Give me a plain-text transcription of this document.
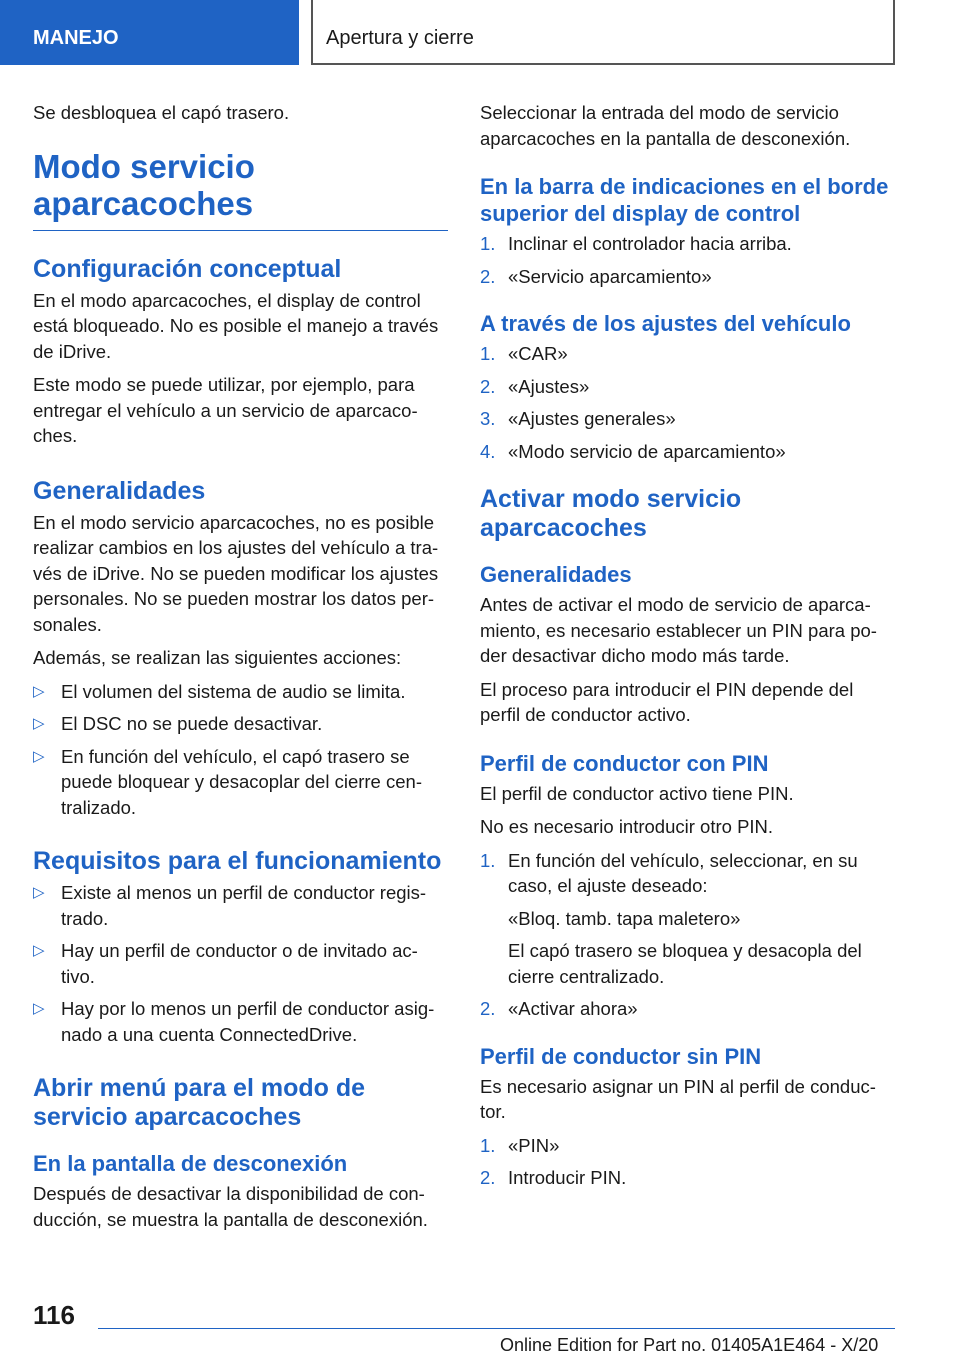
MANEJO	Apertura y cierre

Se desbloquea el capó trasero.

Modo servicio aparcacoches
Configuración conceptual

En el modo aparcacoches, el display de control está bloqueado. No es posible el manejo a través de iDrive.

Este modo se puede utilizar, por ejemplo, para entregar el vehículo a un servicio de aparcaco-ches.

Generalidades

En el modo servicio aparcacoches, no es posible realizar cambios en los ajustes del vehículo a tra-vés de iDrive. No se pueden modificar los ajustes personales. No se pueden mostrar los datos per-sonales.

Además, se realizan las siguientes acciones:

▷ El volumen del sistema de audio se limita.
▷ El DSC no se puede desactivar.
▷ En función del vehículo, el capó trasero se puede bloquear y desacoplar del cierre cen-tralizado.
Requisitos para el funcionamiento
▷ Existe al menos un perfil de conductor regis-trado.
▷ Hay un perfil de conductor o de invitado ac-tivo.
▷ Hay por lo menos un perfil de conductor asig-nado a una cuenta ConnectedDrive.
Abrir menú para el modo de servicio aparcacoches
En la pantalla de desconexión

Después de desactivar la disponibilidad de con-ducción, se muestra la pantalla de desconexión.

Seleccionar la entrada del modo de servicio aparcacoches en la pantalla de desconexión.

En la barra de indicaciones en el borde superior del display de control
1. Inclinar el controlador hacia arriba.
2. «Servicio aparcamiento»
A través de los ajustes del vehículo
1. «CAR»
2. «Ajustes»
3. «Ajustes generales»
4. «Modo servicio de aparcamiento»
Activar modo servicio aparcacoches
Generalidades

Antes de activar el modo de servicio de aparca-miento, es necesario establecer un PIN para po-der desactivar dicho modo más tarde.

El proceso para introducir el PIN depende del perfil de conductor activo.

Perfil de conductor con PIN

El perfil de conductor activo tiene PIN.

No es necesario introducir otro PIN.

1. En función del vehículo, seleccionar, en su caso, el ajuste deseado:
«Bloq. tamb. tapa maletero»
El capó trasero se bloquea y desacopla del cierre centralizado.
2. «Activar ahora»
Perfil de conductor sin PIN

Es necesario asignar un PIN al perfil de conduc-tor.

1. «PIN»
2. Introducir PIN.
116
Online Edition for Part no. 01405A1E464 - X/20
